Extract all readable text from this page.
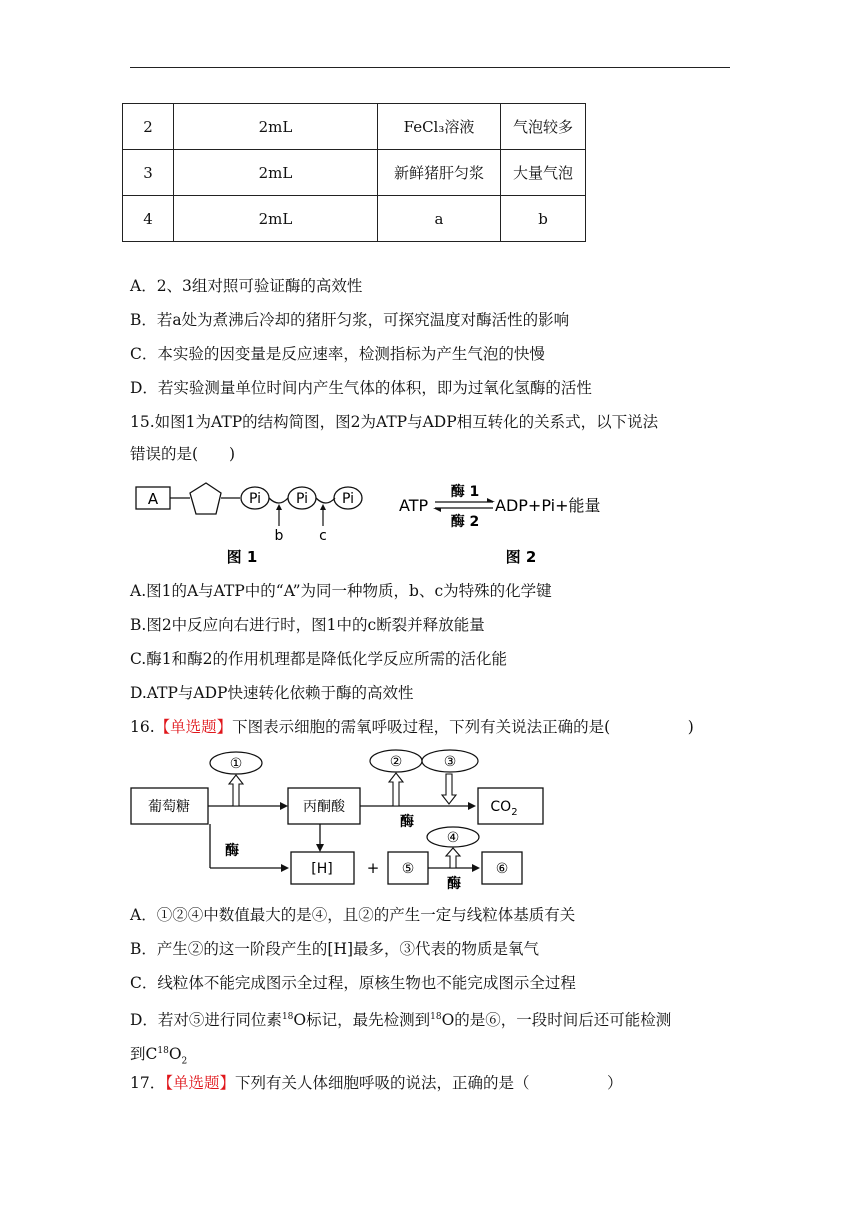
2	2mL	FeCl₃溶液	气泡较多
3	2mL	新鲜猪肝匀浆	大量气泡
4	2mL	a	b
A．2、3组对照可验证酶的高效性
B．若a处为煮沸后冷却的猪肝匀浆，可探究温度对酶活性的影响
C．本实验的因变量是反应速率，检测指标为产生气泡的快慢
D．若实验测量单位时间内产生气体的体积，即为过氧化氢酶的活性
15.如图1为ATP的结构简图，图2为ATP与ADP相互转化的关系式，以下说法
错误的是(　　)
A	Pi Pi Pi
b	c
图 1
ATP
酶 1
酶 2
ADP+Pi+能量
图 2
A.图1的A与ATP中的“A”为同一种物质，b、c为特殊的化学键
B.图2中反应向右进行时，图1中的c断裂并释放能量
C.酶1和酶2的作用机理都是降低化学反应所需的活化能
D.ATP与ADP快速转化依赖于酶的高效性
16.【单选题】下图表示细胞的需氧呼吸过程，下列有关说法正确的是(　　　　　)
葡萄糖	丙酮酸
①
酶
②	③
$CO_2$
酶
[H] + ⑤
酶
④
⑥
A．①②④中数值最大的是④，且②的产生一定与线粒体基质有关
B．产生②的这一阶段产生的[H]最多，③代表的物质是氧气
C．线粒体不能完成图示全过程，原核生物也不能完成图示全过程
D．若对⑤进行同位素$^{18}$O标记，最先检测到$^{18}$O的是⑥，一段时间后还可能检测
到$C^{18}O_2$
17．【单选题】下列有关人体细胞呼吸的说法，正确的是（　　　　　）
